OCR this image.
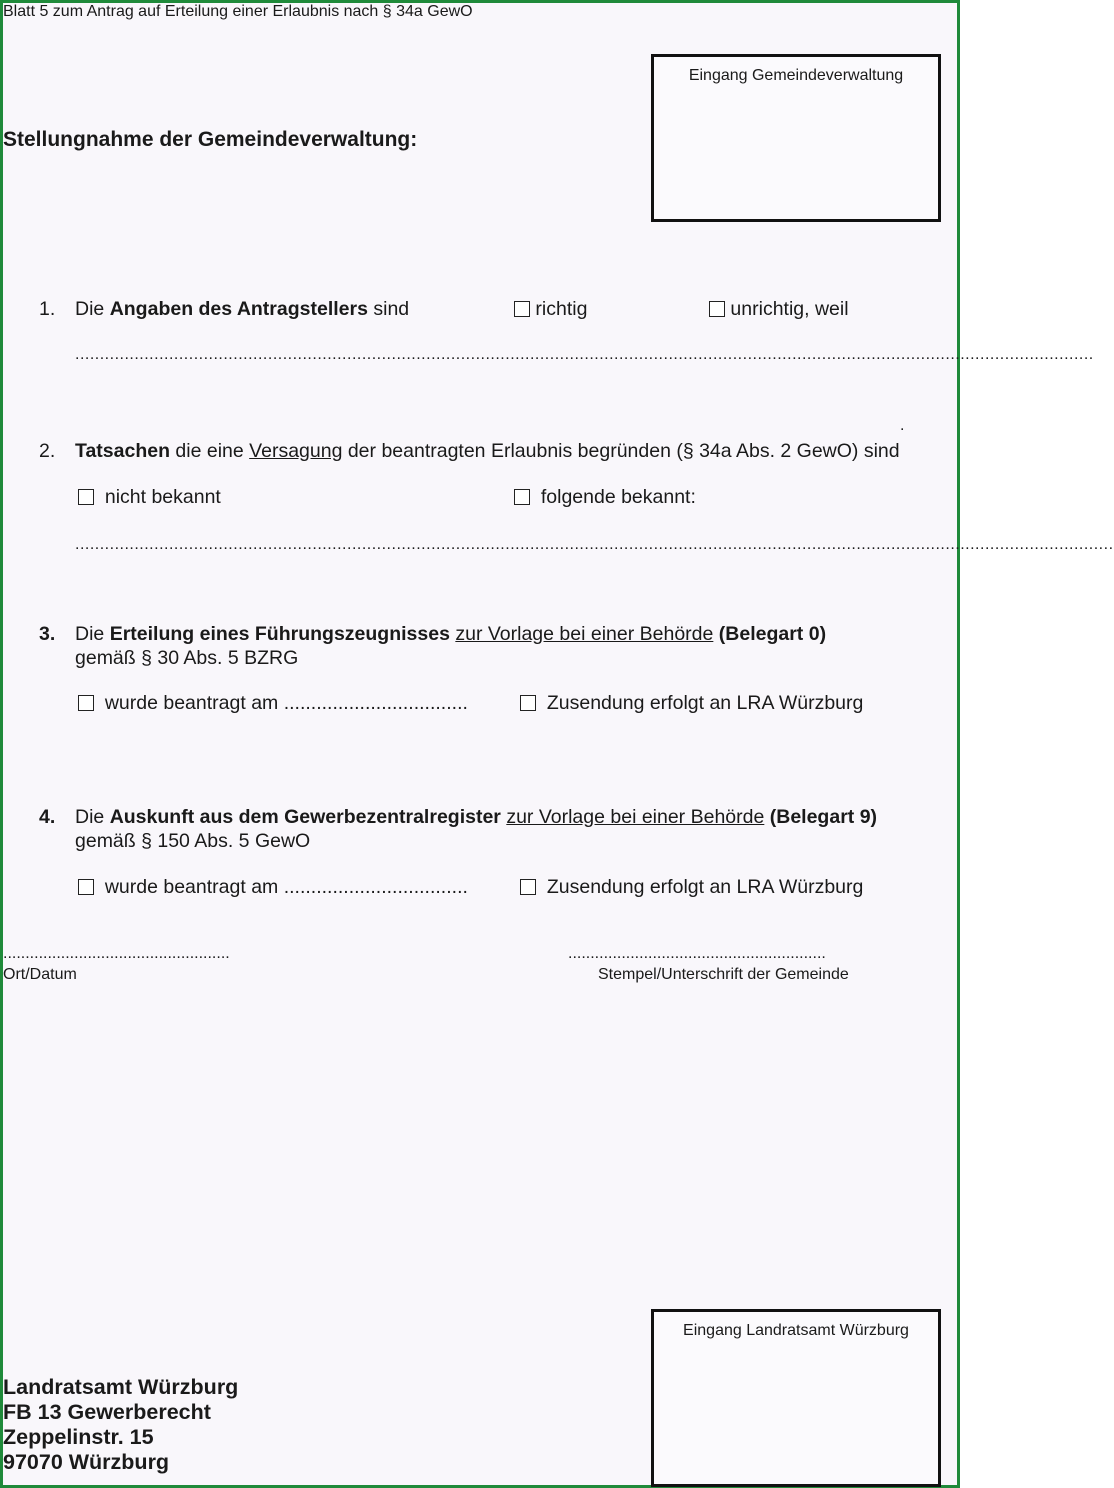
Blatt 5 zum Antrag auf Erteilung einer Erlaubnis nach § 34a GewO
Eingang Gemeindeverwaltung
Stellungnahme der Gemeindeverwaltung:
1. Die Angaben des Antragstellers sind	richtig	unrichtig, weil
..............................................................................................................................................................................................................
.
2. Tatsachen die eine Versagung der beantragten Erlaubnis begründen (§ 34a Abs. 2 GewO) sind
nicht bekannt	folgende bekannt:
..................................................................................................................................................................................................................
3. Die Erteilung eines Führungszeugnisses zur Vorlage bei einer Behörde (Belegart 0)
gemäß § 30 Abs. 5 BZRG
wurde beantragt am ..................................	Zusendung erfolgt an LRA Würzburg
4. Die Auskunft aus dem Gewerbezentralregister zur Vorlage bei einer Behörde (Belegart 9)
gemäß § 150 Abs. 5 GewO
wurde beantragt am ..................................	Zusendung erfolgt an LRA Würzburg
...................................................
Ort/Datum
..........................................................
Stempel/Unterschrift der Gemeinde
Eingang Landratsamt Würzburg
Landratsamt Würzburg
FB 13 Gewerberecht
Zeppelinstr. 15
97070 Würzburg
